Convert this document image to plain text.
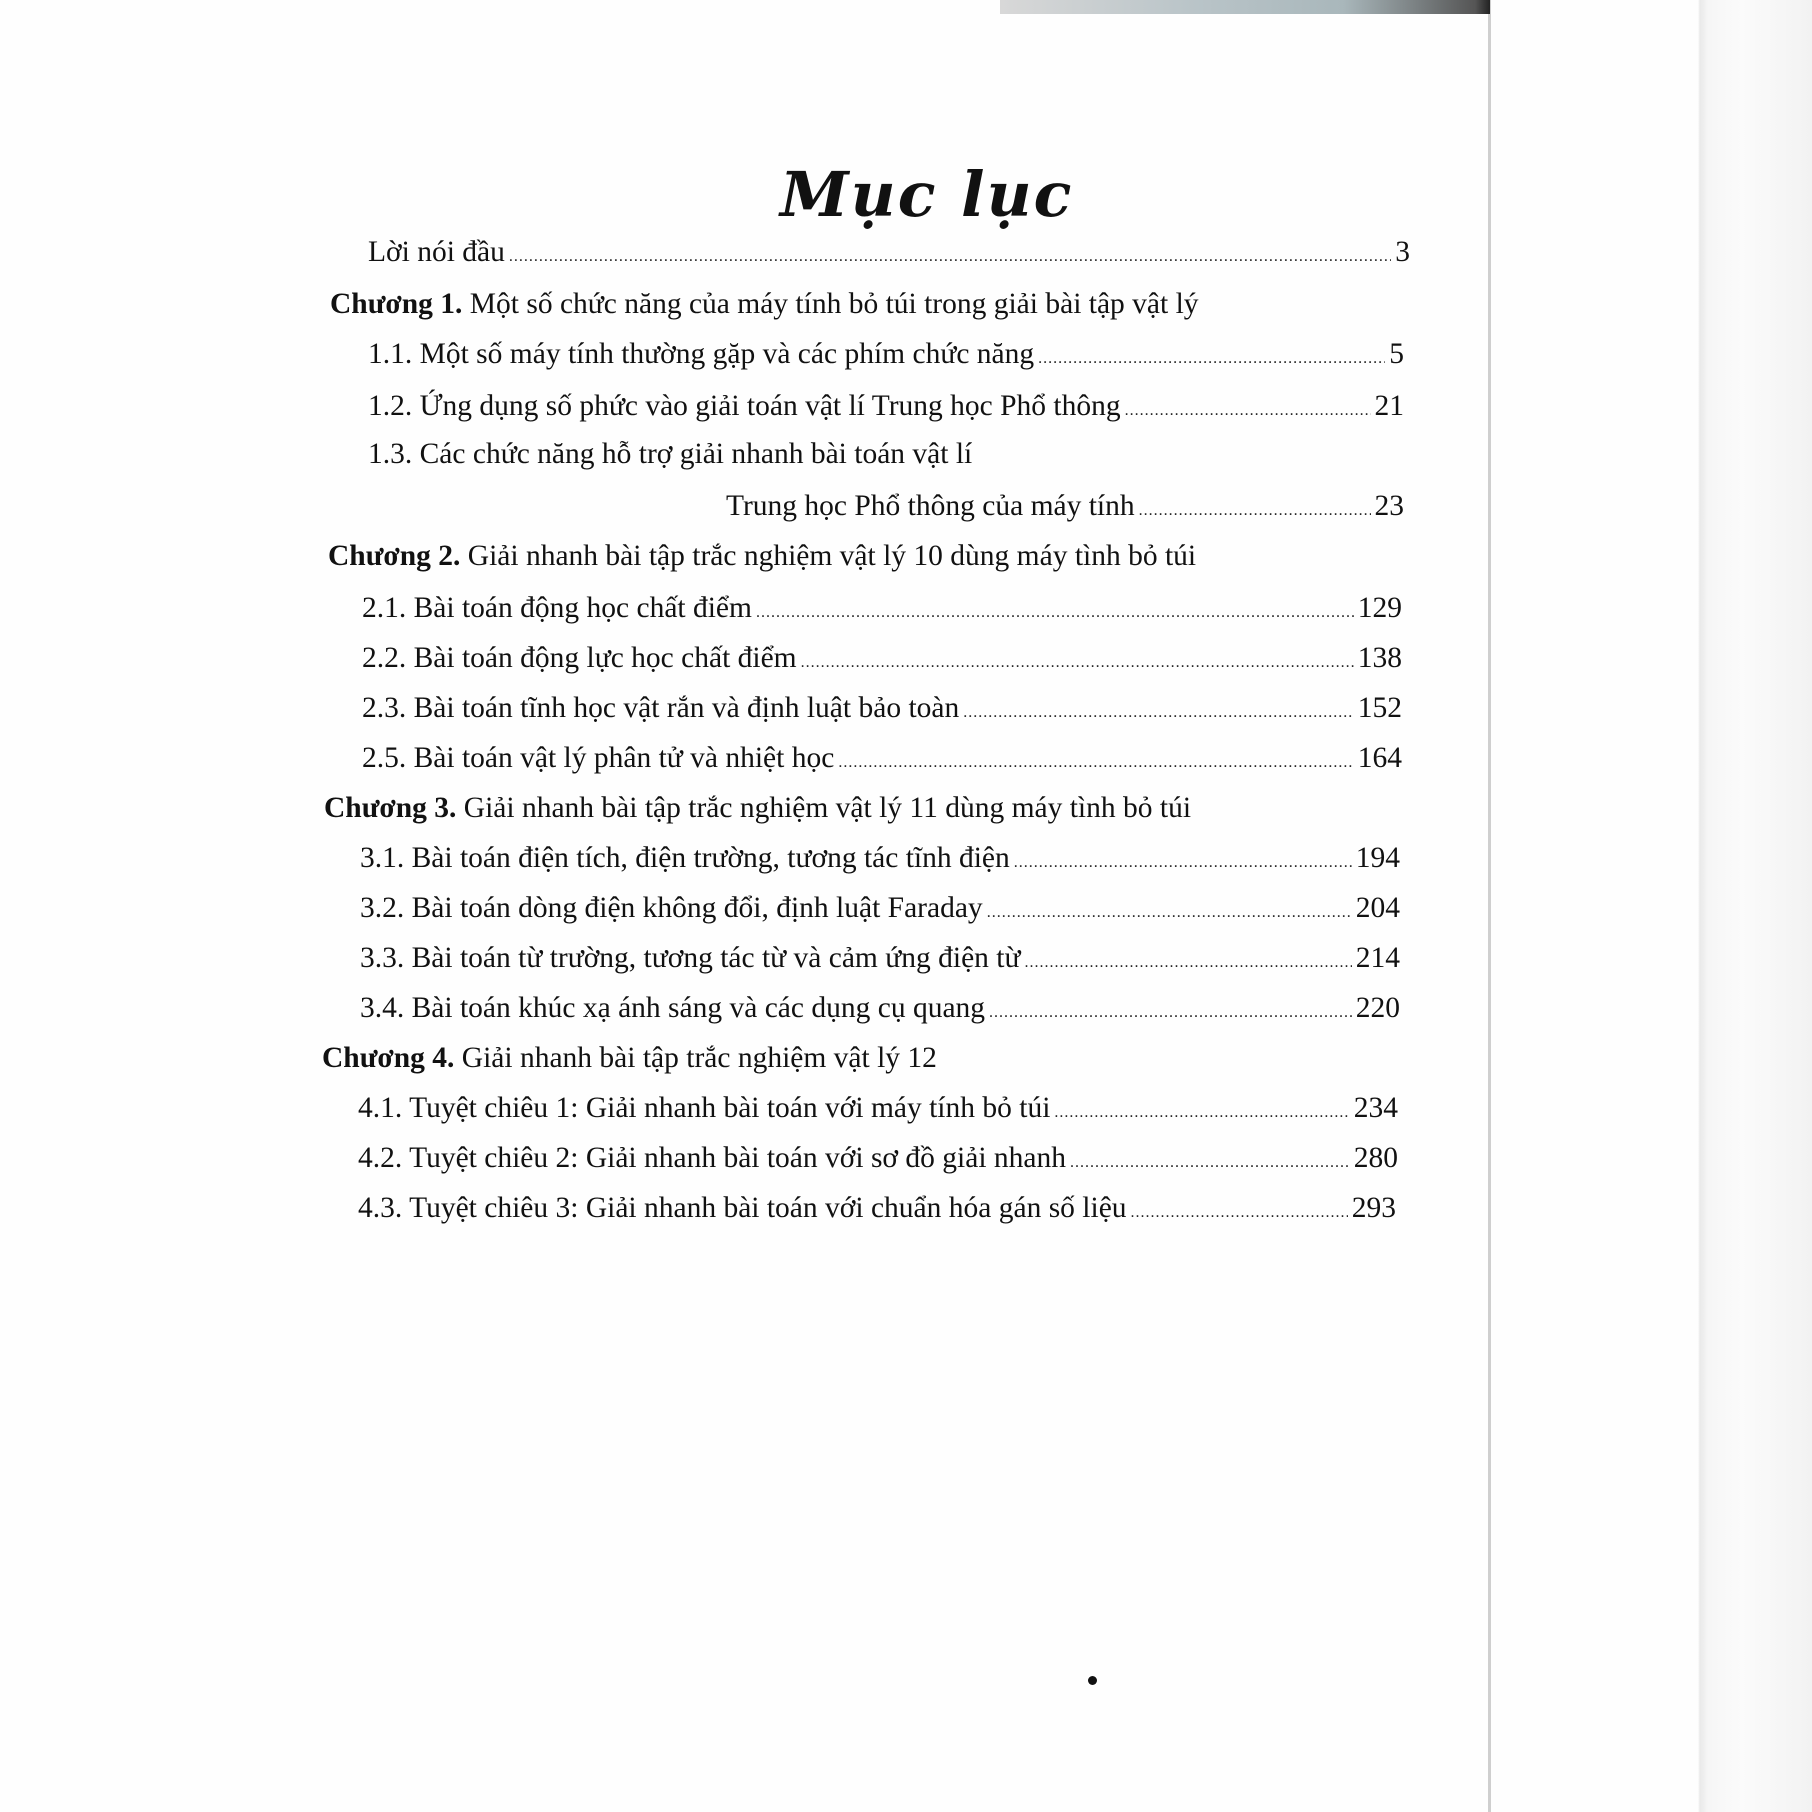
Mục lục
Lời nói đầu .....	3
Chương 1.
Một số chức năng của máy tính bỏ túi trong giải bài tập vật lý
1.1. Một số máy tính thường gặp và các phím chức năng .....	5
1.2. Ứng dụng số phức vào giải toán vật lí Trung học Phổ thông .....	21
1.3. Các chức năng hỗ trợ giải nhanh bài toán vật lí
Trung học Phổ thông của máy tính .....	23
Chương 2.
Giải nhanh bài tập trắc nghiệm vật lý 10 dùng máy tình bỏ túi
2.1. Bài toán động học chất điểm .....	129
2.2. Bài toán động lực học chất điểm .....	138
2.3. Bài toán tĩnh học vật rắn và định luật bảo toàn .....	152
2.5. Bài toán vật lý phân tử và nhiệt học .....	164
Chương 3.
Giải nhanh bài tập trắc nghiệm vật lý 11 dùng máy tình bỏ túi
3.1. Bài toán điện tích, điện trường, tương tác tĩnh điện .....	194
3.2. Bài toán dòng điện không đổi, định luật Faraday .....	204
3.3. Bài toán từ trường, tương tác từ và cảm ứng điện từ .....	214
3.4. Bài toán khúc xạ ánh sáng và các dụng cụ quang .....	220
Chương 4.
Giải nhanh bài tập trắc nghiệm vật lý 12
4.1. Tuyệt chiêu 1: Giải nhanh bài toán với máy tính bỏ túi .....	234
4.2. Tuyệt chiêu 2: Giải nhanh bài toán với sơ đồ giải nhanh .....	280
4.3. Tuyệt chiêu 3: Giải nhanh bài toán với chuẩn hóa gán số liệu .....	293
